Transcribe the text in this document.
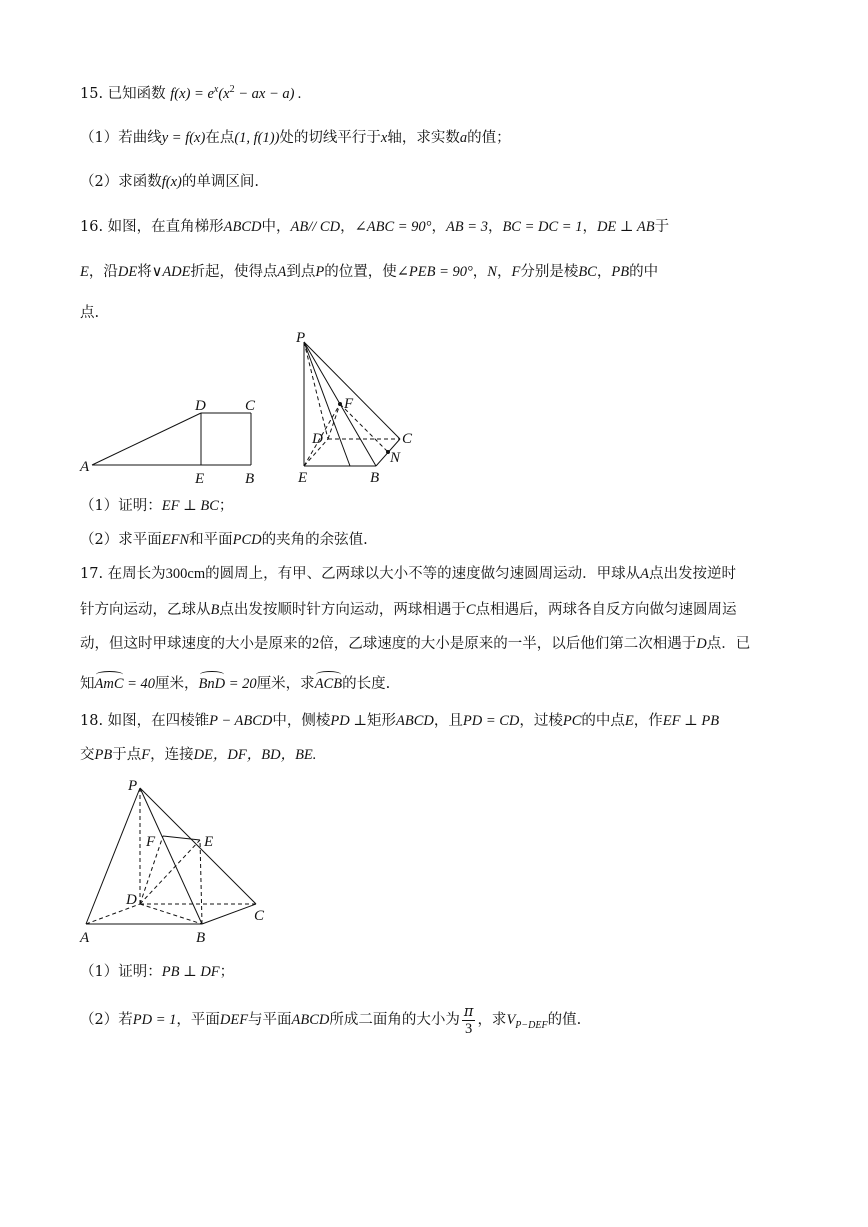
15. 已知函数 $f(x) = e^x(x^2$ − ax − a) .
（1）若曲线y = f(x)在点(1, f(1))处的切线平行于x轴，求实数a的值；
（2）求函数f(x)的单调区间.
16. 如图，在直角梯形ABCD中，AB// CD，∠ABC = 90°，AB = 3，BC = DC = 1，DE ⊥ AB于
E，沿DE将∨ADE折起，使得点A到点P的位置，使∠PEB = 90°，N，F分别是棱BC，PB的中
点.
A
D	C
E	B
P
F
D	C
N
E	B
（1）证明：EF ⊥ BC；
（2）求平面EFN和平面PCD的夹角的余弦值.
17. 在周长为300cm的圆周上，有甲、乙两球以大小不等的速度做匀速圆周运动．甲球从A点出发按逆时
针方向运动，乙球从B点出发按顺时针方向运动，两球相遇于C点相遇后，两球各自反方向做匀速圆周运
动，但这时甲球速度的大小是原来的2倍，乙球速度的大小是原来的一半，以后他们第二次相遇于D点．已
知AmC = 40厘米，BnD = 20厘米，求ACB的长度.
18. 如图，在四棱锥P − ABCD中，侧棱PD ⊥矩形ABCD，且PD = CD，过棱PC的中点E，作EF ⊥ PB
交PB于点F，连接DE，DF，BD，BE.
P
F	E
D
C
A	B
（1）证明：PB ⊥ DF；
（2）若PD = 1，平面DEF与平面ABCD所成二面角的大小为 $\frac{\pi}{3}$ ，求$V_{P-DEF}$的值.
